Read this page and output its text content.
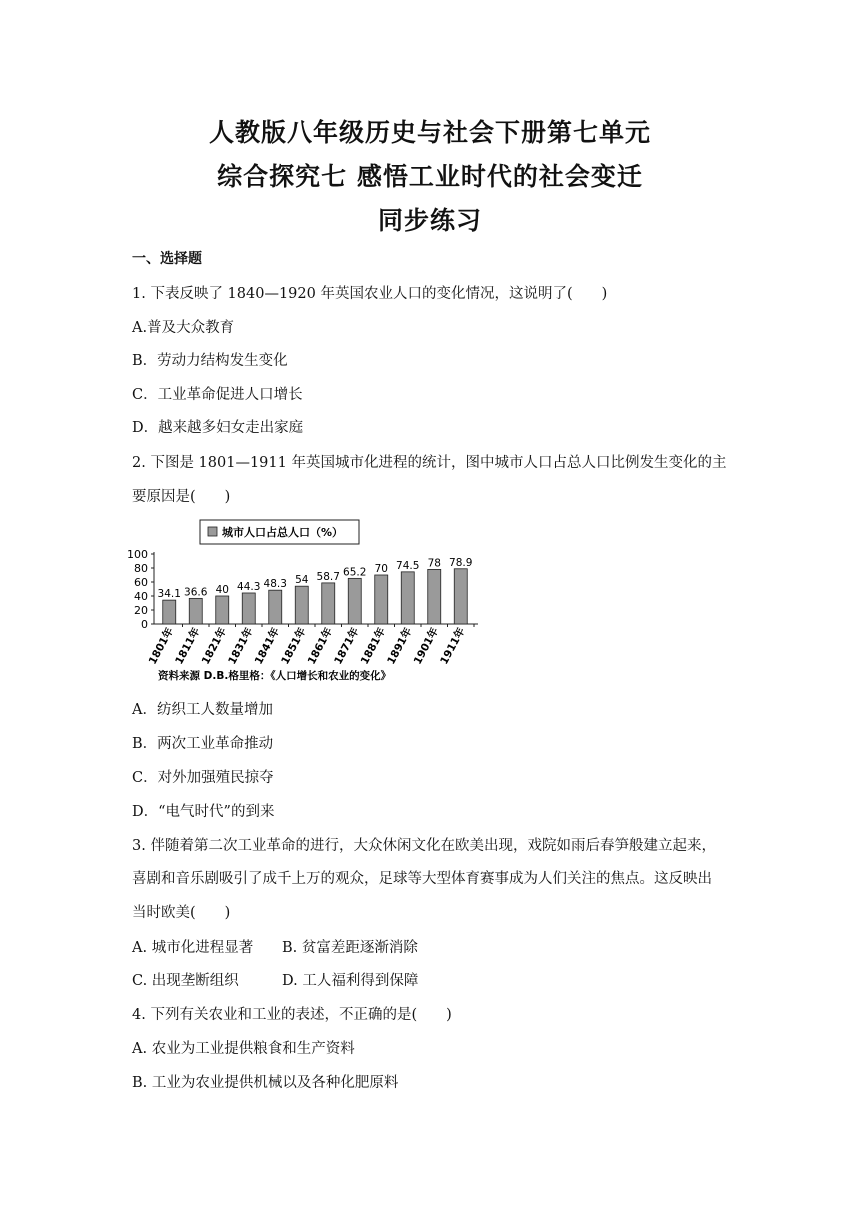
人教版八年级历史与社会下册第七单元
综合探究七 感悟工业时代的社会变迁
同步练习
一、选择题
1. 下表反映了 1840—1920 年英国农业人口的变化情况，这说明了(　　)
A.普及大众教育
B．劳动力结构发生变化
C．工业革命促进人口增长
D．越来越多妇女走出家庭
2. 下图是 1801—1911 年英国城市化进程的统计，图中城市人口占总人口比例发生变化的主
要原因是(　　)
城市人口占总人口（%）
0
20
40
60
80
100
34.1
1801年
36.6
1811年
40
1821年
44.3
1831年
48.3
1841年
54
1851年
58.7
1861年
65.2
1871年
70
1881年
74.5
1891年
78
1901年
78.9
1911年
资料来源 D.B.格里格：《人口增长和农业的变化》
A．纺织工人数量增加
B．两次工业革命推动
C．对外加强殖民掠夺
D．“电气时代”的到来
3. 伴随着第二次工业革命的进行，大众休闲文化在欧美出现，戏院如雨后春笋般建立起来，
喜剧和音乐剧吸引了成千上万的观众，足球等大型体育赛事成为人们关注的焦点。这反映出
当时欧美(　　)
A. 城市化进程显著 B. 贫富差距逐渐消除
C. 出现垄断组织	D. 工人福利得到保障
4. 下列有关农业和工业的表述，不正确的是(　　)
A. 农业为工业提供粮食和生产资料
B. 工业为农业提供机械以及各种化肥原料
